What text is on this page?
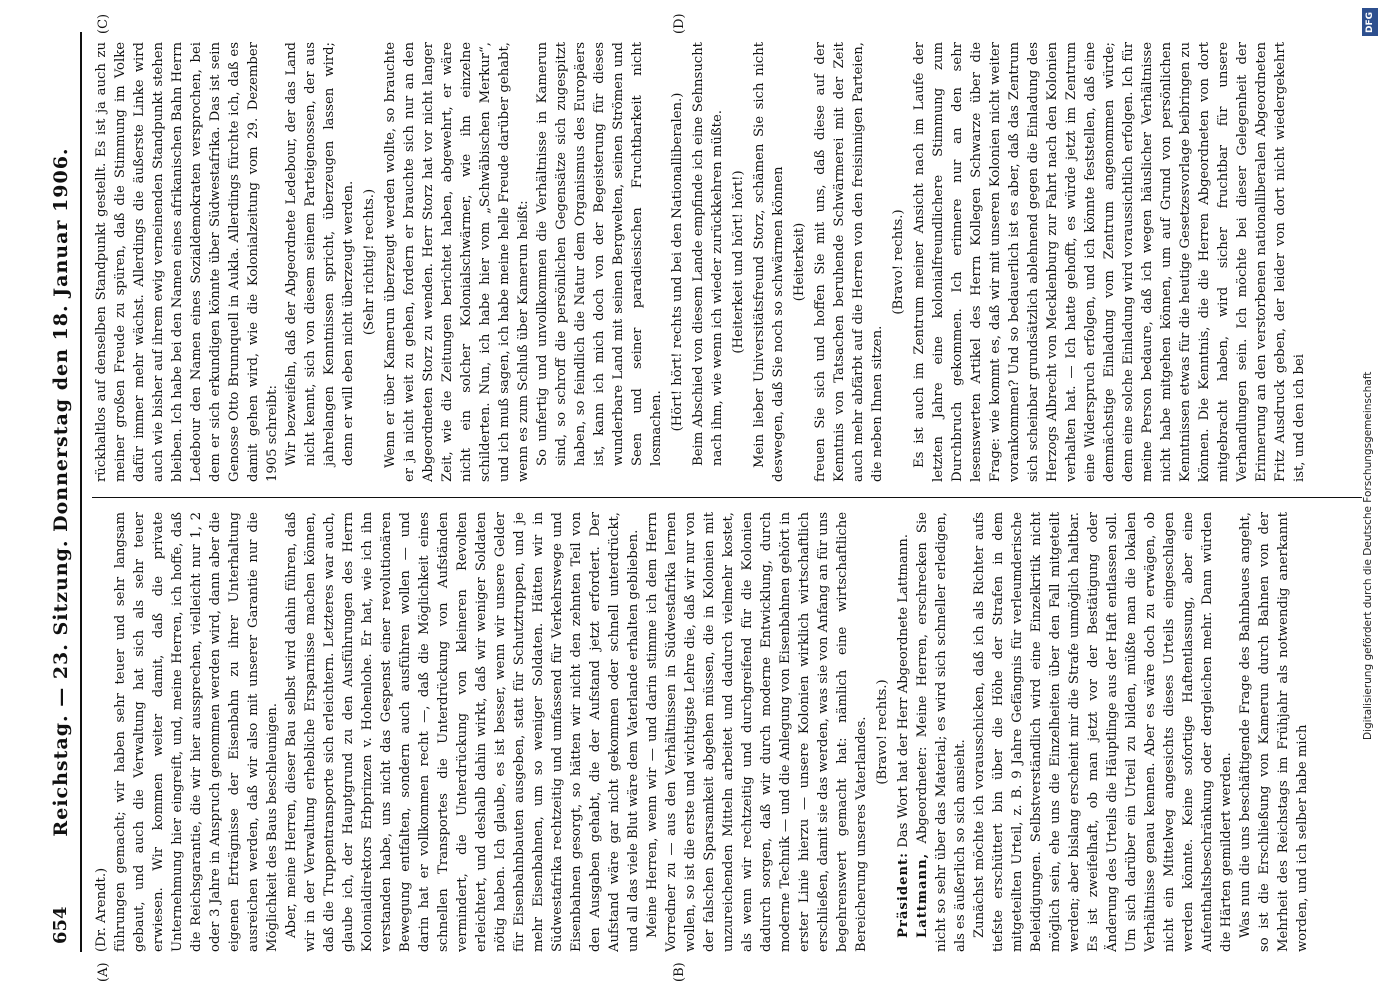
654
Reichstag. — 23. Sitzung. Donnerstag den 18. Januar 1906.

(Dr. Arendt.) führungen gemacht; wir haben sehr teuer und sehr langsam gebaut, und auch die Verwaltung hat sich als sehr teuer erwiesen. Wir kommen weiter damit, daß die private Unternehmung hier eingreift, und, meine Herren, ich hoffe, daß die Reichsgarantie, die wir hier aussprechen, vielleicht nur 1, 2 oder 3 Jahre in Anspruch genommen werden wird, dann aber die eigenen Erträgnisse der Eisenbahn zu ihrer Unterhaltung ausreichen werden, daß wir also mit unserer Garantie nur die Möglichkeit des Baus beschleunigen. Aber, meine Herren, dieser Bau selbst wird dahin führen, daß wir in der Verwaltung erhebliche Ersparnisse machen können, daß die Truppentransporte sich erleichtern. Letzteres war auch, glaube ich, der Hauptgrund zu den Ausführungen des Herrn Kolonialdirektors Erbprinzen v. Hohenlohe. Er hat, wie ich ihn verstanden habe, uns nicht das Gespenst einer revolutionären Bewegung entfalten, sondern auch ausführen wollen — und darin hat er vollkommen recht —, daß die Möglichkeit eines schnellen Transportes die Unterdrückung von Aufständen vermindert, die Unterdrückung von kleineren Revolten erleichtert, und deshalb dahin wirkt, daß wir weniger Soldaten nötig haben. Ich glaube, es ist besser, wenn wir unsere Gelder für Eisenbahnbauten ausgeben, statt für Schutztruppen, und je mehr Eisenbahnen, um so weniger Soldaten. Hätten wir in Südwestafrika rechtzeitig und umfassend für Verkehrswege und Eisenbahnen gesorgt, so hätten wir nicht den zehnten Teil von den Ausgaben gehabt, die der Aufstand jetzt erfordert. Der Aufstand wäre gar nicht gekommen oder schnell unterdrückt, und all das viele Blut wäre dem Vaterlande erhalten geblieben. Meine Herren, wenn wir — und darin stimme ich dem Herrn Vorredner zu — aus den Verhältnissen in Südwestafrika lernen wollen, so ist die erste und wichtigste Lehre die, daß wir nur von der falschen Sparsamkeit abgehen müssen, die in Kolonien mit unzureichenden Mitteln arbeitet und dadurch vielmehr kostet, als wenn wir rechtzeitig und durchgreifend für die Kolonien dadurch sorgen, daß wir durch moderne Entwicklung, durch moderne Technik — und die Anlegung von Eisenbahnen gehört in erster Linie hierzu — unsere Kolonien wirklich wirtschaftlich erschließen, damit sie das werden, was sie von Anfang an für uns begehrenswert gemacht hat: nämlich eine wirtschaftliche Bereicherung unseres Vaterlandes. (Bravo! rechts.)

Präsident: Das Wort hat der Herr Abgeordnete Lattmann.

Lattmann, Abgeordneter: Meine Herren, erschrecken Sie nicht so sehr über das Material; es wird sich schneller erledigen, als es äußerlich so sich ansieht. Zunächst möchte ich vorausschicken, daß ich als Richter aufs tiefste erschüttert bin über die Höhe der Strafen in dem mitgeteilten Urteil, z. B. 9 Jahre Gefängnis für verleumderische Beleidigungen. Selbstverständlich wird eine Einzelkritik nicht möglich sein, ehe uns die Einzelheiten über den Fall mitgeteilt werden; aber bislang erscheint mir die Strafe unmöglich haltbar. Es ist zweifelhaft, ob man jetzt vor der Bestätigung oder Änderung des Urteils die Häuptlinge aus der Haft entlassen soll. Um sich darüber ein Urteil zu bilden, müßte man die lokalen Verhältnisse genau kennen. Aber es wäre doch zu erwägen, ob nicht ein Mittelweg angesichts dieses Urteils eingeschlagen werden könnte. Keine sofortige Haftentlassung, aber eine Aufenthaltsbeschränkung oder dergleichen mehr. Dann würden die Härten gemildert werden. Was nun die uns beschäftigende Frage des Bahnbaues angeht, so ist die Erschließung von Kamerun durch Bahnen von der Mehrheit des Reichstags im Frühjahr als notwendig anerkannt worden, und ich selber habe mich

rückhaltlos auf denselben Standpunkt gestellt. Es ist ja auch zu meiner großen Freude zu spüren, daß die Stimmung im Volke dafür immer mehr wächst. Allerdings die äußerste Linke wird auch wie bisher auf ihrem ewig verneinenden Standpunkt stehen bleiben. Ich habe bei den Namen eines afrikanischen Bahn Herrn Ledebour den Namen eines Sozialdemokraten versprochen, bei dem er sich erkundigen könnte über Südwestafrika. Das ist sein Genosse Otto Brunnquell in Aukla. Allerdings fürchte ich, daß es damit gehen wird, wie die Kolonialzeitung vom 29. Dezember 1905 schreibt: Wir bezweifeln, daß der Abgeordnete Ledebour, der das Land nicht kennt, sich von diesem seinem Parteigenossen, der aus jahrelangen Kenntnissen spricht, überzeugen lassen wird; denn er will eben nicht überzeugt werden. (Sehr richtig! rechts.) Wenn er über Kamerun überzeugt werden wollte, so brauchte er ja nicht weit zu gehen, fordern er brauchte sich nur an den Abgeordneten Storz zu wenden. Herr Storz hat vor nicht langer Zeit, wie die Zeitungen berichtet haben, abgewehrt, er wäre nicht ein solcher Kolonialschwärmer, wie ihn einzelne schilderten. Nun, ich habe hier vom „Schwäbischen Merkur“, und ich muß sagen, ich habe meine helle Freude darüber gehabt, wenn es zum Schluß über Kamerun heißt: So unfertig und unvollkommen die Verhältnisse in Kamerun sind, so schroff die persönlichen Gegensätze sich zugespitzt haben, so feindlich die Natur dem Organismus des Europäers ist, kann ich mich doch von der Begeisterung für dieses wunderbare Land mit seinen Bergwelten, seinen Strömen und Seen und seiner paradiesischen Fruchtbarkeit nicht losmachen. (Hört! hört! rechts und bei den Nationalliberalen.) Beim Abschied von diesem Lande empfinde ich eine Sehnsucht nach ihm, wie wenn ich wieder zurückkehren müßte. (Heiterkeit und hört! hört!) Mein lieber Universitätsfreund Storz, schämen Sie sich nicht deswegen, daß Sie noch so schwärmen können (Heiterkeit) freuen Sie sich und hoffen Sie mit uns, daß diese auf der Kenntnis von Tatsachen beruhende Schwärmerei mit der Zeit auch mehr abfärbt auf die Herren von den freisinnigen Parteien, die neben Ihnen sitzen.

(Bravo! rechts.) Es ist auch im Zentrum meiner Ansicht nach im Laufe der letzten Jahre eine kolonialfreundlichere Stimmung zum Durchbruch gekommen. Ich erinnere nur an den sehr lesenswerten Artikel des Herrn Kollegen Schwarze über die Frage: wie kommt es, daß wir mit unseren Kolonien nicht weiter vorankommen? Und so bedauerlich ist es aber, daß das Zentrum sich scheinbar grundsätzlich ablehnend gegen die Einladung des Herzogs Albrecht von Mecklenburg zur Fahrt nach den Kolonien verhalten hat. — Ich hatte gehofft, es würde jetzt im Zentrum eine Widerspruch erfolgen, und ich könnte feststellen, daß eine demnächstige Einladung vom Zentrum angenommen würde; denn eine solche Einladung wird voraussichtlich erfolgen. Ich für meine Person bedaure, daß ich wegen häuslicher Verhältnisse nicht habe mitgehen können, um auf Grund von persönlichen Kenntnissen etwas für die heutige Gesetzesvorlage beibringen zu können. Die Kenntnis, die die Herren Abgeordneten von dort mitgebracht haben, wird sicher fruchtbar für unsere Verhandlungen sein. Ich möchte bei dieser Gelegenheit der Erinnerung an den verstorbenen nationalliberalen Abgeordneten Fritz Ausdruck geben, der leider von dort nicht wiedergekehrt ist, und den ich bei

(A)	(B)
(C)	(D)	DFG
Digitalisierung gefördert durch die Deutsche Forschungsgemeinschaft
